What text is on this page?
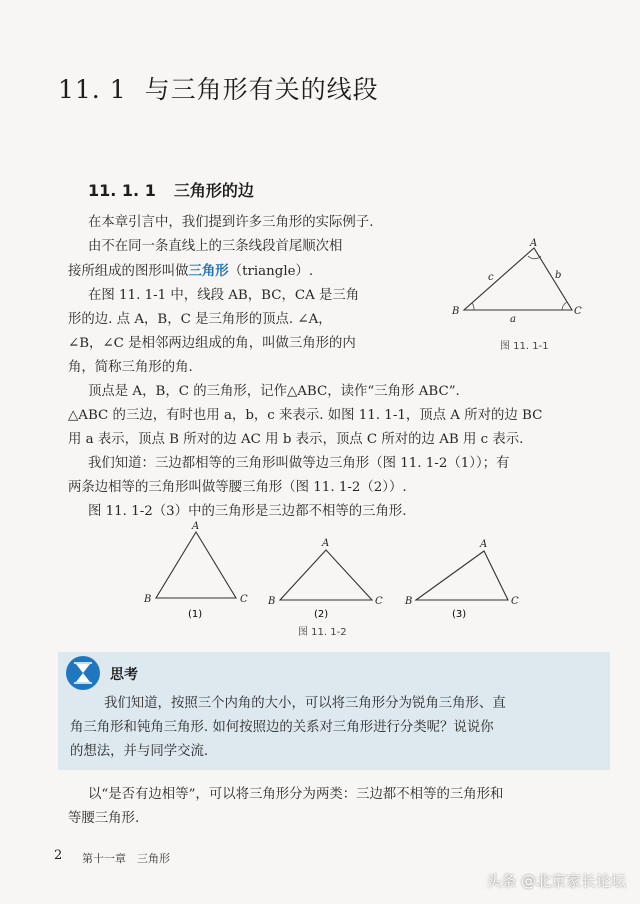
11. 1 与三角形有关的线段
11. 1. 1 三角形的边
在本章引言中，我们提到许多三角形的实际例子.
由不在同一条直线上的三条线段首尾顺次相
接所组成的图形叫做三角形（triangle）.
在图 11. 1-1 中，线段 AB，BC，CA 是三角
形的边. 点 A，B，C 是三角形的顶点. ∠A，
∠B，∠C 是相邻两边组成的角，叫做三角形的内
角，简称三角形的角.
顶点是 A，B，C 的三角形，记作△ABC，读作“三角形 ABC”.
△ABC 的三边，有时也用 a，b，c 来表示. 如图 11. 1-1，顶点 A 所对的边 BC
用 a 表示，顶点 B 所对的边 AC 用 b 表示，顶点 C 所对的边 AB 用 c 表示.
我们知道：三边都相等的三角形叫做等边三角形（图 11. 1-2（1））；有
两条边相等的三角形叫做等腰三角形（图 11. 1-2（2））.
图 11. 1-2（3）中的三角形是三边都不相等的三角形.
A
B	C
a
b
c
图 11. 1-1
A
B	C
(1)
A
B	C
(2)
A
B	C
(3)
图 11. 1-2
思考
我们知道，按照三个内角的大小，可以将三角形分为锐角三角形、直
角三角形和钝角三角形. 如何按照边的关系对三角形进行分类呢？说说你
的想法，并与同学交流.
以“是否有边相等”，可以将三角形分为两类：三边都不相等的三角形和
等腰三角形.
2 第十一章　三角形
头条 @北京家长论坛
